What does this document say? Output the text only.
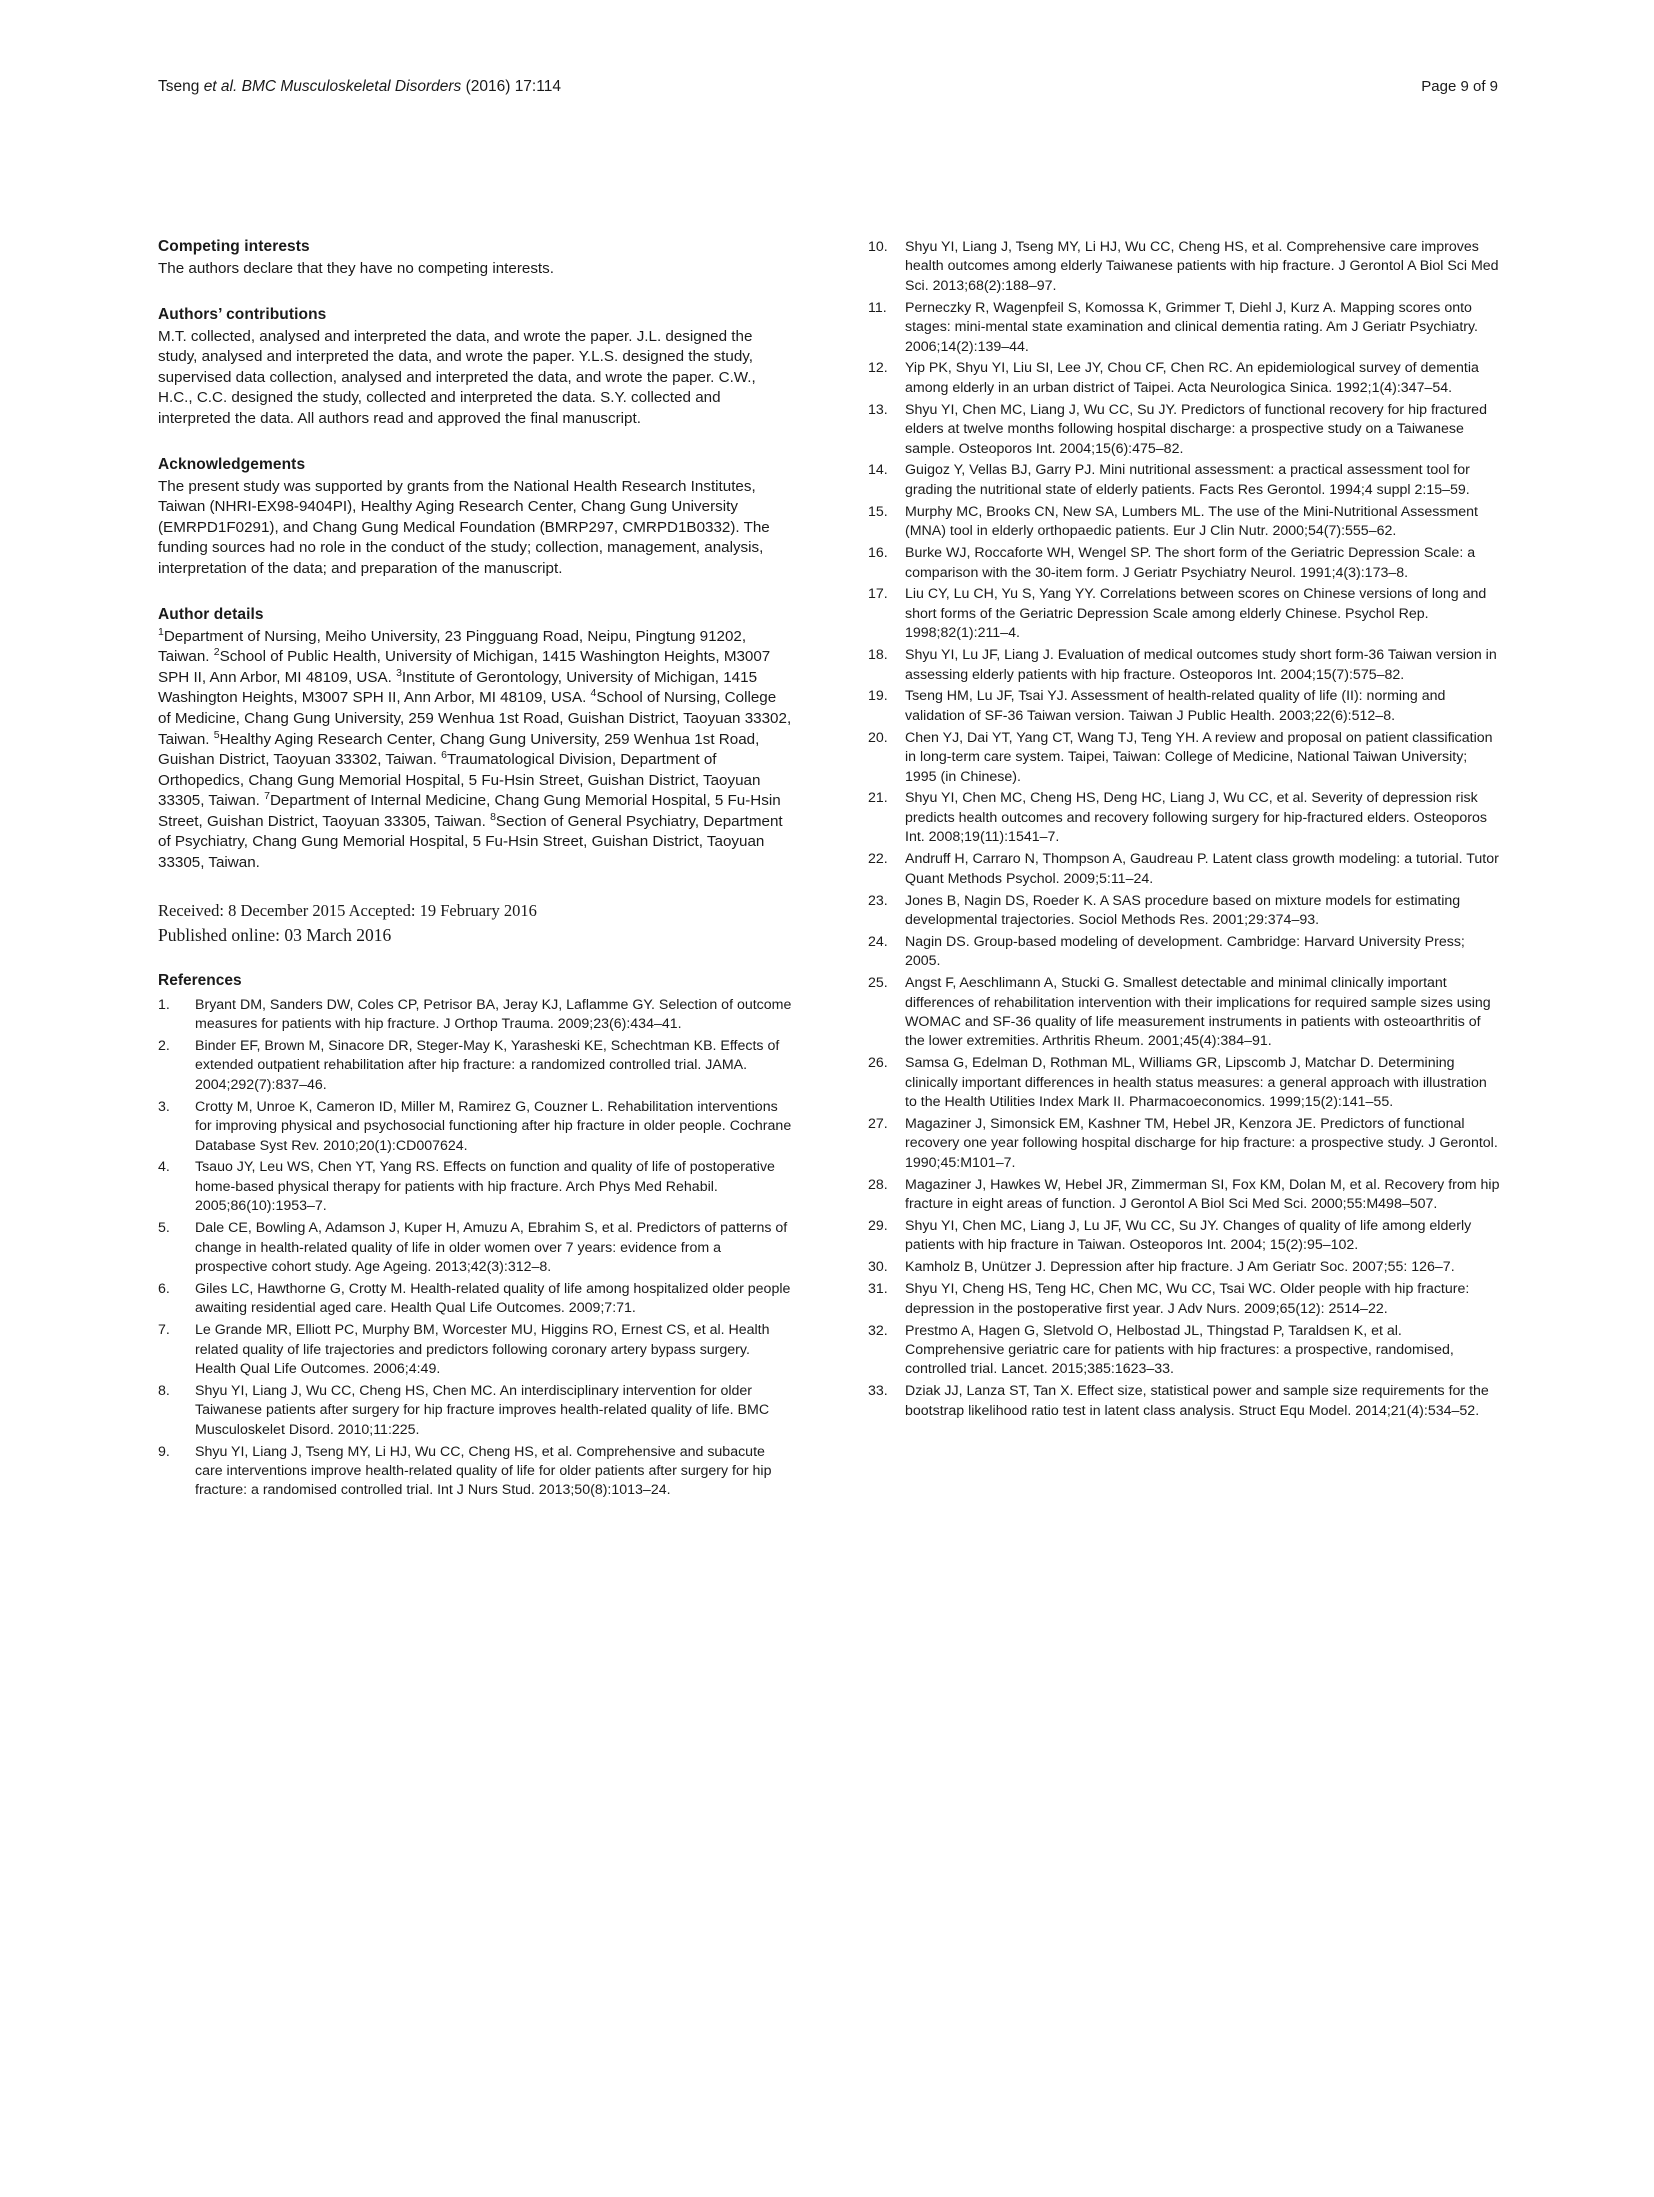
Tseng et al. BMC Musculoskeletal Disorders (2016) 17:114	Page 9 of 9
Competing interests

The authors declare that they have no competing interests.

Authors’ contributions

M.T. collected, analysed and interpreted the data, and wrote the paper. J.L. designed the study, analysed and interpreted the data, and wrote the paper. Y.L.S. designed the study, supervised data collection, analysed and interpreted the data, and wrote the paper. C.W., H.C., C.C. designed the study, collected and interpreted the data. S.Y. collected and interpreted the data. All authors read and approved the final manuscript.

Acknowledgements

The present study was supported by grants from the National Health Research Institutes, Taiwan (NHRI-EX98-9404PI), Healthy Aging Research Center, Chang Gung University (EMRPD1F0291), and Chang Gung Medical Foundation (BMRP297, CMRPD1B0332). The funding sources had no role in the conduct of the study; collection, management, analysis, interpretation of the data; and preparation of the manuscript.

Author details

$^1$Department of Nursing, Meiho University, 23 Pingguang Road, Neipu, Pingtung 91202, Taiwan. $^2$School of Public Health, University of Michigan, 1415 Washington Heights, M3007 SPH II, Ann Arbor, MI 48109, USA. $^3$Institute of Gerontology, University of Michigan, 1415 Washington Heights, M3007 SPH II, Ann Arbor, MI 48109, USA. $^4$School of Nursing, College of Medicine, Chang Gung University, 259 Wenhua 1st Road, Guishan District, Taoyuan 33302, Taiwan. $^5$Healthy Aging Research Center, Chang Gung University, 259 Wenhua 1st Road, Guishan District, Taoyuan 33302, Taiwan. $^6$Traumatological Division, Department of Orthopedics, Chang Gung Memorial Hospital, 5 Fu-Hsin Street, Guishan District, Taoyuan 33305, Taiwan. $^7$Department of Internal Medicine, Chang Gung Memorial Hospital, 5 Fu-Hsin Street, Guishan District, Taoyuan 33305, Taiwan. $^8$Section of General Psychiatry, Department of Psychiatry, Chang Gung Memorial Hospital, 5 Fu-Hsin Street, Guishan District, Taoyuan 33305, Taiwan.

Received: 8 December 2015 Accepted: 19 February 2016
Published online: 03 March 2016
References
Bryant DM, Sanders DW, Coles CP, Petrisor BA, Jeray KJ, Laflamme GY. Selection of outcome measures for patients with hip fracture. J Orthop Trauma. 2009;23(6):434–41.
Binder EF, Brown M, Sinacore DR, Steger-May K, Yarasheski KE, Schechtman KB. Effects of extended outpatient rehabilitation after hip fracture: a randomized controlled trial. JAMA. 2004;292(7):837–46.
Crotty M, Unroe K, Cameron ID, Miller M, Ramirez G, Couzner L. Rehabilitation interventions for improving physical and psychosocial functioning after hip fracture in older people. Cochrane Database Syst Rev. 2010;20(1):CD007624.
Tsauo JY, Leu WS, Chen YT, Yang RS. Effects on function and quality of life of postoperative home-based physical therapy for patients with hip fracture. Arch Phys Med Rehabil. 2005;86(10):1953–7.
Dale CE, Bowling A, Adamson J, Kuper H, Amuzu A, Ebrahim S, et al. Predictors of patterns of change in health-related quality of life in older women over 7 years: evidence from a prospective cohort study. Age Ageing. 2013;42(3):312–8.
Giles LC, Hawthorne G, Crotty M. Health-related quality of life among hospitalized older people awaiting residential aged care. Health Qual Life Outcomes. 2009;7:71.
Le Grande MR, Elliott PC, Murphy BM, Worcester MU, Higgins RO, Ernest CS, et al. Health related quality of life trajectories and predictors following coronary artery bypass surgery. Health Qual Life Outcomes. 2006;4:49.
Shyu YI, Liang J, Wu CC, Cheng HS, Chen MC. An interdisciplinary intervention for older Taiwanese patients after surgery for hip fracture improves health-related quality of life. BMC Musculoskelet Disord. 2010;11:225.
Shyu YI, Liang J, Tseng MY, Li HJ, Wu CC, Cheng HS, et al. Comprehensive and subacute care interventions improve health-related quality of life for older patients after surgery for hip fracture: a randomised controlled trial. Int J Nurs Stud. 2013;50(8):1013–24.
Shyu YI, Liang J, Tseng MY, Li HJ, Wu CC, Cheng HS, et al. Comprehensive care improves health outcomes among elderly Taiwanese patients with hip fracture. J Gerontol A Biol Sci Med Sci. 2013;68(2):188–97.
Perneczky R, Wagenpfeil S, Komossa K, Grimmer T, Diehl J, Kurz A. Mapping scores onto stages: mini-mental state examination and clinical dementia rating. Am J Geriatr Psychiatry. 2006;14(2):139–44.
Yip PK, Shyu YI, Liu SI, Lee JY, Chou CF, Chen RC. An epidemiological survey of dementia among elderly in an urban district of Taipei. Acta Neurologica Sinica. 1992;1(4):347–54.
Shyu YI, Chen MC, Liang J, Wu CC, Su JY. Predictors of functional recovery for hip fractured elders at twelve months following hospital discharge: a prospective study on a Taiwanese sample. Osteoporos Int. 2004;15(6):475–82.
Guigoz Y, Vellas BJ, Garry PJ. Mini nutritional assessment: a practical assessment tool for grading the nutritional state of elderly patients. Facts Res Gerontol. 1994;4 suppl 2:15–59.
Murphy MC, Brooks CN, New SA, Lumbers ML. The use of the Mini-Nutritional Assessment (MNA) tool in elderly orthopaedic patients. Eur J Clin Nutr. 2000;54(7):555–62.
Burke WJ, Roccaforte WH, Wengel SP. The short form of the Geriatric Depression Scale: a comparison with the 30-item form. J Geriatr Psychiatry Neurol. 1991;4(3):173–8.
Liu CY, Lu CH, Yu S, Yang YY. Correlations between scores on Chinese versions of long and short forms of the Geriatric Depression Scale among elderly Chinese. Psychol Rep. 1998;82(1):211–4.
Shyu YI, Lu JF, Liang J. Evaluation of medical outcomes study short form-36 Taiwan version in assessing elderly patients with hip fracture. Osteoporos Int. 2004;15(7):575–82.
Tseng HM, Lu JF, Tsai YJ. Assessment of health-related quality of life (II): norming and validation of SF-36 Taiwan version. Taiwan J Public Health. 2003;22(6):512–8.
Chen YJ, Dai YT, Yang CT, Wang TJ, Teng YH. A review and proposal on patient classification in long-term care system. Taipei, Taiwan: College of Medicine, National Taiwan University; 1995 (in Chinese).
Shyu YI, Chen MC, Cheng HS, Deng HC, Liang J, Wu CC, et al. Severity of depression risk predicts health outcomes and recovery following surgery for hip-fractured elders. Osteoporos Int. 2008;19(11):1541–7.
Andruff H, Carraro N, Thompson A, Gaudreau P. Latent class growth modeling: a tutorial. Tutor Quant Methods Psychol. 2009;5:11–24.
Jones B, Nagin DS, Roeder K. A SAS procedure based on mixture models for estimating developmental trajectories. Sociol Methods Res. 2001;29:374–93.
Nagin DS. Group-based modeling of development. Cambridge: Harvard University Press; 2005.
Angst F, Aeschlimann A, Stucki G. Smallest detectable and minimal clinically important differences of rehabilitation intervention with their implications for required sample sizes using WOMAC and SF-36 quality of life measurement instruments in patients with osteoarthritis of the lower extremities. Arthritis Rheum. 2001;45(4):384–91.
Samsa G, Edelman D, Rothman ML, Williams GR, Lipscomb J, Matchar D. Determining clinically important differences in health status measures: a general approach with illustration to the Health Utilities Index Mark II. Pharmacoeconomics. 1999;15(2):141–55.
Magaziner J, Simonsick EM, Kashner TM, Hebel JR, Kenzora JE. Predictors of functional recovery one year following hospital discharge for hip fracture: a prospective study. J Gerontol. 1990;45:M101–7.
Magaziner J, Hawkes W, Hebel JR, Zimmerman SI, Fox KM, Dolan M, et al. Recovery from hip fracture in eight areas of function. J Gerontol A Biol Sci Med Sci. 2000;55:M498–507.
Shyu YI, Chen MC, Liang J, Lu JF, Wu CC, Su JY. Changes of quality of life among elderly patients with hip fracture in Taiwan. Osteoporos Int. 2004; 15(2):95–102.
Kamholz B, Unützer J. Depression after hip fracture. J Am Geriatr Soc. 2007;55: 126–7.
Shyu YI, Cheng HS, Teng HC, Chen MC, Wu CC, Tsai WC. Older people with hip fracture: depression in the postoperative first year. J Adv Nurs. 2009;65(12): 2514–22.
Prestmo A, Hagen G, Sletvold O, Helbostad JL, Thingstad P, Taraldsen K, et al. Comprehensive geriatric care for patients with hip fractures: a prospective, randomised, controlled trial. Lancet. 2015;385:1623–33.
Dziak JJ, Lanza ST, Tan X. Effect size, statistical power and sample size requirements for the bootstrap likelihood ratio test in latent class analysis. Struct Equ Model. 2014;21(4):534–52.
